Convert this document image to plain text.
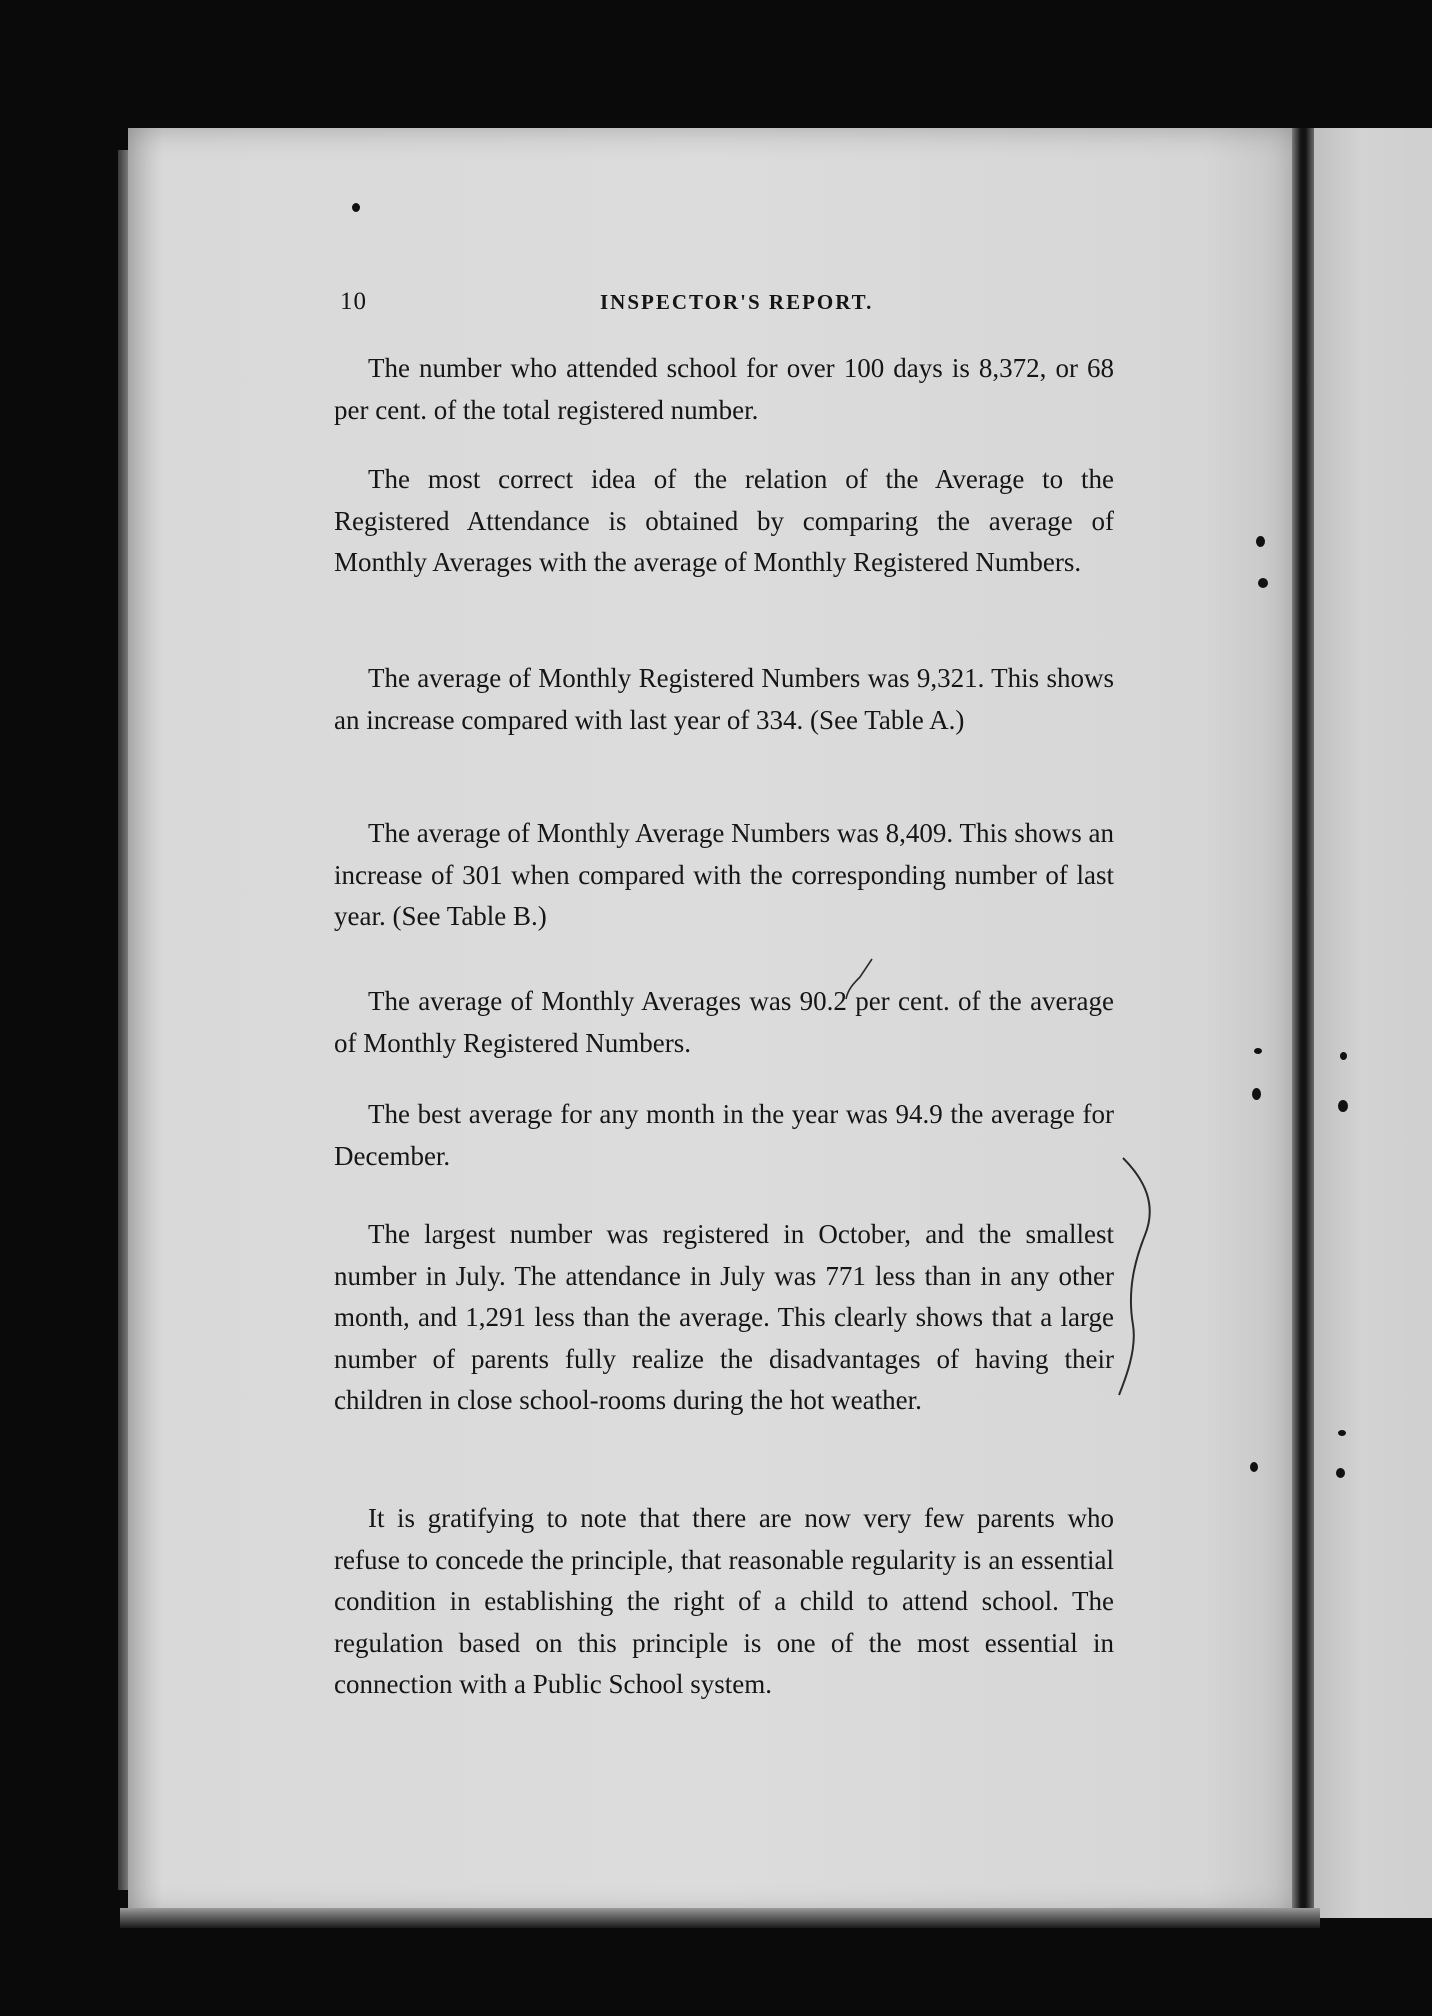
10	INSPECTOR'S REPORT.

The number who attended school for over 100 days is 8,372, or 68 per cent. of the total registered number.

The most correct idea of the relation of the Average to the Registered Attendance is obtained by comparing the average of Monthly Averages with the average of Monthly Registered Numbers.

The average of Monthly Registered Numbers was 9,321. This shows an increase compared with last year of 334. (See Table A.)

The average of Monthly Average Numbers was 8,409. This shows an increase of 301 when compared with the corresponding number of last year. (See Table B.)

The average of Monthly Averages was 90.2 per cent. of the average of Monthly Registered Numbers.

The best average for any month in the year was 94.9 the average for December.

The largest number was registered in October, and the smallest number in July. The attendance in July was 771 less than in any other month, and 1,291 less than the average. This clearly shows that a large number of parents fully realize the disadvantages of having their children in close school-rooms during the hot weather.

It is gratifying to note that there are now very few parents who refuse to concede the principle, that reasonable regularity is an essential condition in establishing the right of a child to attend school. The regulation based on this principle is one of the most essential in connection with a Public School system.
